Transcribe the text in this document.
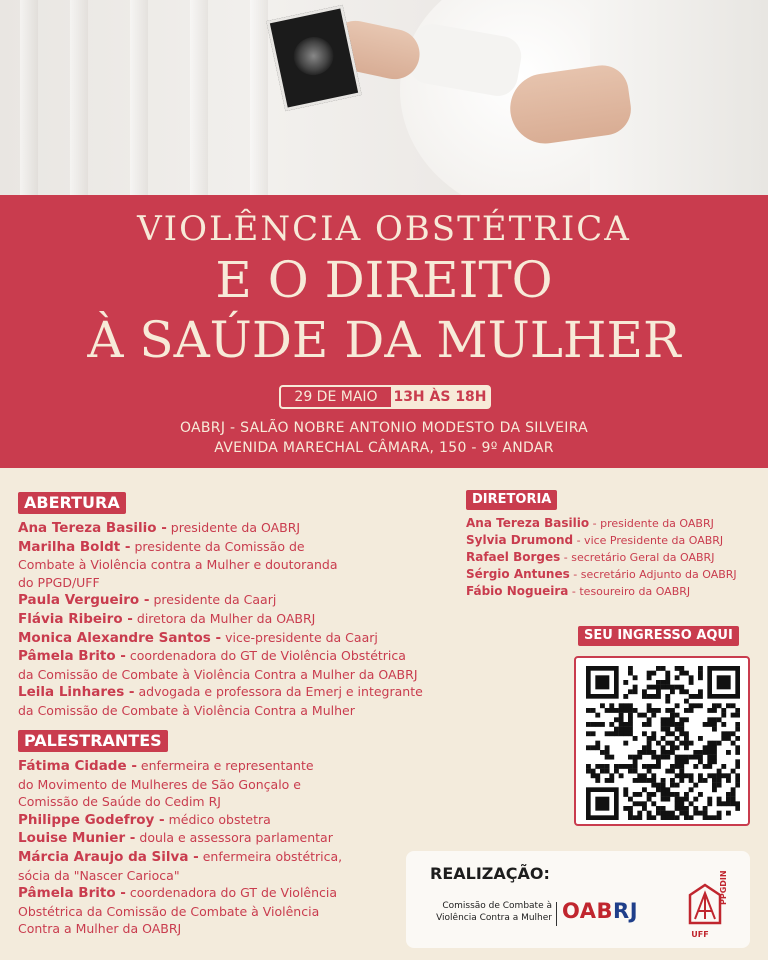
VIOLÊNCIA OBSTÉTRICA
E O DIREITO
À SAÚDE DA MULHER
29 DE MAIO	13H ÀS 18H
OABRJ - SALÃO NOBRE ANTONIO MODESTO DA SILVEIRA
AVENIDA MARECHAL CÂMARA, 150 - 9º ANDAR
ABERTURA
Ana Tereza Basilio - presidente da OABRJ
Marilha Boldt - presidente da Comissão de
Combate à Violência contra a Mulher e doutoranda
do PPGD/UFF
Paula Vergueiro - presidente da Caarj
Flávia Ribeiro - diretora da Mulher da OABRJ
Monica Alexandre Santos - vice-presidente da Caarj
Pâmela Brito - coordenadora do GT de Violência Obstétrica
da Comissão de Combate à Violência Contra a Mulher da OABRJ
Leila Linhares - advogada e professora da Emerj e integrante
da Comissão de Combate à Violência Contra a Mulher
PALESTRANTES
Fátima Cidade - enfermeira e representante
do Movimento de Mulheres de São Gonçalo e
Comissão de Saúde do Cedim RJ
Philippe Godefroy - médico obstetra
Louise Munier - doula e assessora parlamentar
Márcia Araujo da Silva - enfermeira obstétrica,
sócia da "Nascer Carioca"
Pâmela Brito - coordenadora do GT de Violência
Obstétrica da Comissão de Combate à Violência
Contra a Mulher da OABRJ
DIRETORIA
Ana Tereza Basilio - presidente da OABRJ
Sylvia Drumond - vice Presidente da OABRJ
Rafael Borges - secretário Geral da OABRJ
Sérgio Antunes - secretário Adjunto da OABRJ
Fábio Nogueira - tesoureiro da OABRJ
SEU INGRESSO AQUI
REALIZAÇÃO:
Comissão de Combate à
Violência Contra a Mulher OABRJ
UFF
PPGDIN
